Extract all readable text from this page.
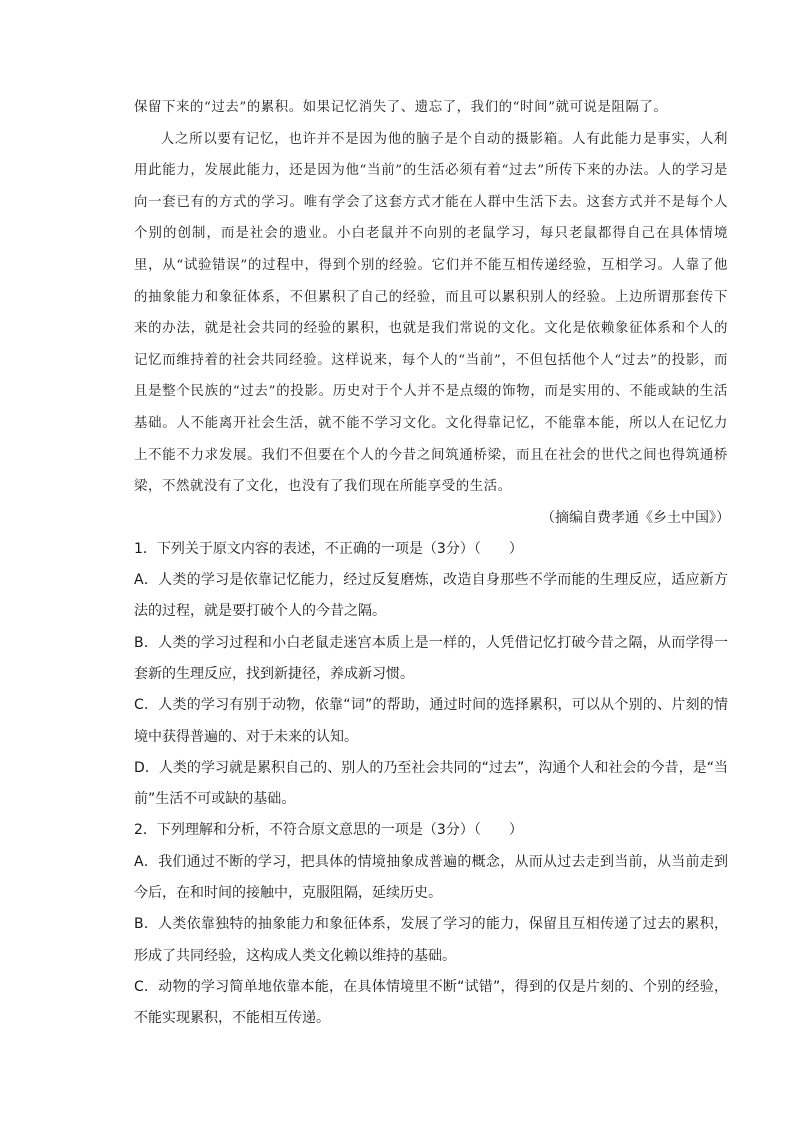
保留下来的“过去”的累积。如果记忆消失了、遗忘了，我们的“时间”就可说是阻隔了。

人之所以要有记忆，也许并不是因为他的脑子是个自动的摄影箱。人有此能力是事实，人利用此能力，发展此能力，还是因为他“当前”的生活必须有着“过去”所传下来的办法。人的学习是向一套已有的方式的学习。唯有学会了这套方式才能在人群中生活下去。这套方式并不是每个人个别的创制，而是社会的遗业。小白老鼠并不向别的老鼠学习，每只老鼠都得自己在具体情境里，从“试验错误”的过程中，得到个别的经验。它们并不能互相传递经验，互相学习。人靠了他的抽象能力和象征体系，不但累积了自己的经验，而且可以累积别人的经验。上边所谓那套传下来的办法，就是社会共同的经验的累积，也就是我们常说的文化。文化是依赖象征体系和个人的记忆而维持着的社会共同经验。这样说来，每个人的“当前”，不但包括他个人“过去”的投影，而且是整个民族的“过去”的投影。历史对于个人并不是点缀的饰物，而是实用的、不能或缺的生活基础。人不能离开社会生活，就不能不学习文化。文化得靠记忆，不能靠本能，所以人在记忆力上不能不力求发展。我们不但要在个人的今昔之间筑通桥梁，而且在社会的世代之间也得筑通桥梁，不然就没有了文化，也没有了我们现在所能享受的生活。

（摘编自费孝通《乡土中国》）

1．下列关于原文内容的表述，不正确的一项是（3分）（　　）

A．人类的学习是依靠记忆能力，经过反复磨炼，改造自身那些不学而能的生理反应，适应新方法的过程，就是要打破个人的今昔之隔。

B．人类的学习过程和小白老鼠走迷宫本质上是一样的，人凭借记忆打破今昔之隔，从而学得一套新的生理反应，找到新捷径，养成新习惯。

C．人类的学习有别于动物，依靠“词”的帮助，通过时间的选择累积，可以从个别的、片刻的情境中获得普遍的、对于未来的认知。

D．人类的学习就是累积自己的、别人的乃至社会共同的“过去”，沟通个人和社会的今昔，是“当前”生活不可或缺的基础。

2．下列理解和分析，不符合原文意思的一项是（3分）（　　）

A．我们通过不断的学习，把具体的情境抽象成普遍的概念，从而从过去走到当前，从当前走到今后，在和时间的接触中，克服阻隔，延续历史。

B．人类依靠独特的抽象能力和象征体系，发展了学习的能力，保留且互相传递了过去的累积，形成了共同经验，这构成人类文化赖以维持的基础。

C．动物的学习简单地依靠本能，在具体情境里不断“试错”，得到的仅是片刻的、个别的经验，不能实现累积，不能相互传递。
